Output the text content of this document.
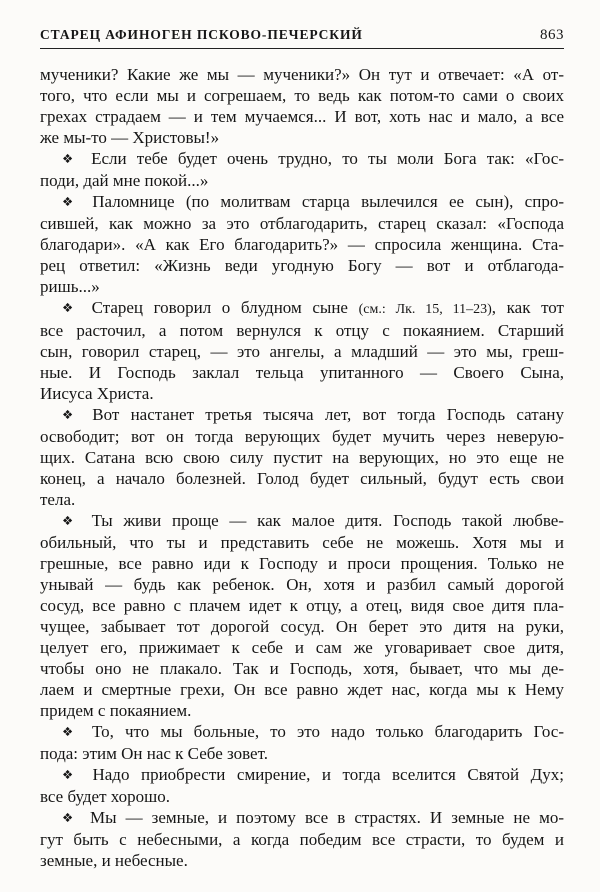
СТАРЕЦ АФИНОГЕН ПСКОВО-ПЕЧЕРСКИЙ	863
мученики? Какие же мы — мученики?» Он тут и отвечает: «А от-
того, что если мы и согрешаем, то ведь как потом-то сами о своих
грехах страдаем — и тем мучаемся... И вот, хоть нас и мало, а все
же мы-то — Христовы!»
❖ Если тебе будет очень трудно, то ты моли Бога так: «Гос-
поди, дай мне покой...»
❖ Паломнице (по молитвам старца вылечился ее сын), спро-
сившей, как можно за это отблагодарить, старец сказал: «Господа
благодари». «А как Его благодарить?» — спросила женщина. Ста-
рец ответил: «Жизнь веди угодную Богу — вот и отблагода-
ришь...»
❖ Старец говорил о блудном сыне (см.: Лк. 15, 11–23), как тот
все расточил, а потом вернулся к отцу с покаянием. Старший
сын, говорил старец, — это ангелы, а младший — это мы, греш-
ные. И Господь заклал тельца упитанного — Своего Сына,
Иисуса Христа.
❖ Вот настанет третья тысяча лет, вот тогда Господь сатану
освободит; вот он тогда верующих будет мучить через неверую-
щих. Сатана всю свою силу пустит на верующих, но это еще не
конец, а начало болезней. Голод будет сильный, будут есть свои
тела.
❖ Ты живи проще — как малое дитя. Господь такой любве-
обильный, что ты и представить себе не можешь. Хотя мы и
грешные, все равно иди к Господу и проси прощения. Только не
унывай — будь как ребенок. Он, хотя и разбил самый дорогой
сосуд, все равно с плачем идет к отцу, а отец, видя свое дитя пла-
чущее, забывает тот дорогой сосуд. Он берет это дитя на руки,
целует его, прижимает к себе и сам же уговаривает свое дитя,
чтобы оно не плакало. Так и Господь, хотя, бывает, что мы де-
лаем и смертные грехи, Он все равно ждет нас, когда мы к Нему
придем с покаянием.
❖ То, что мы больные, то это надо только благодарить Гос-
пода: этим Он нас к Себе зовет.
❖ Надо приобрести смирение, и тогда вселится Святой Дух;
все будет хорошо.
❖ Мы — земные, и поэтому все в страстях. И земные не мо-
гут быть с небесными, а когда победим все страсти, то будем и
земные, и небесные.
